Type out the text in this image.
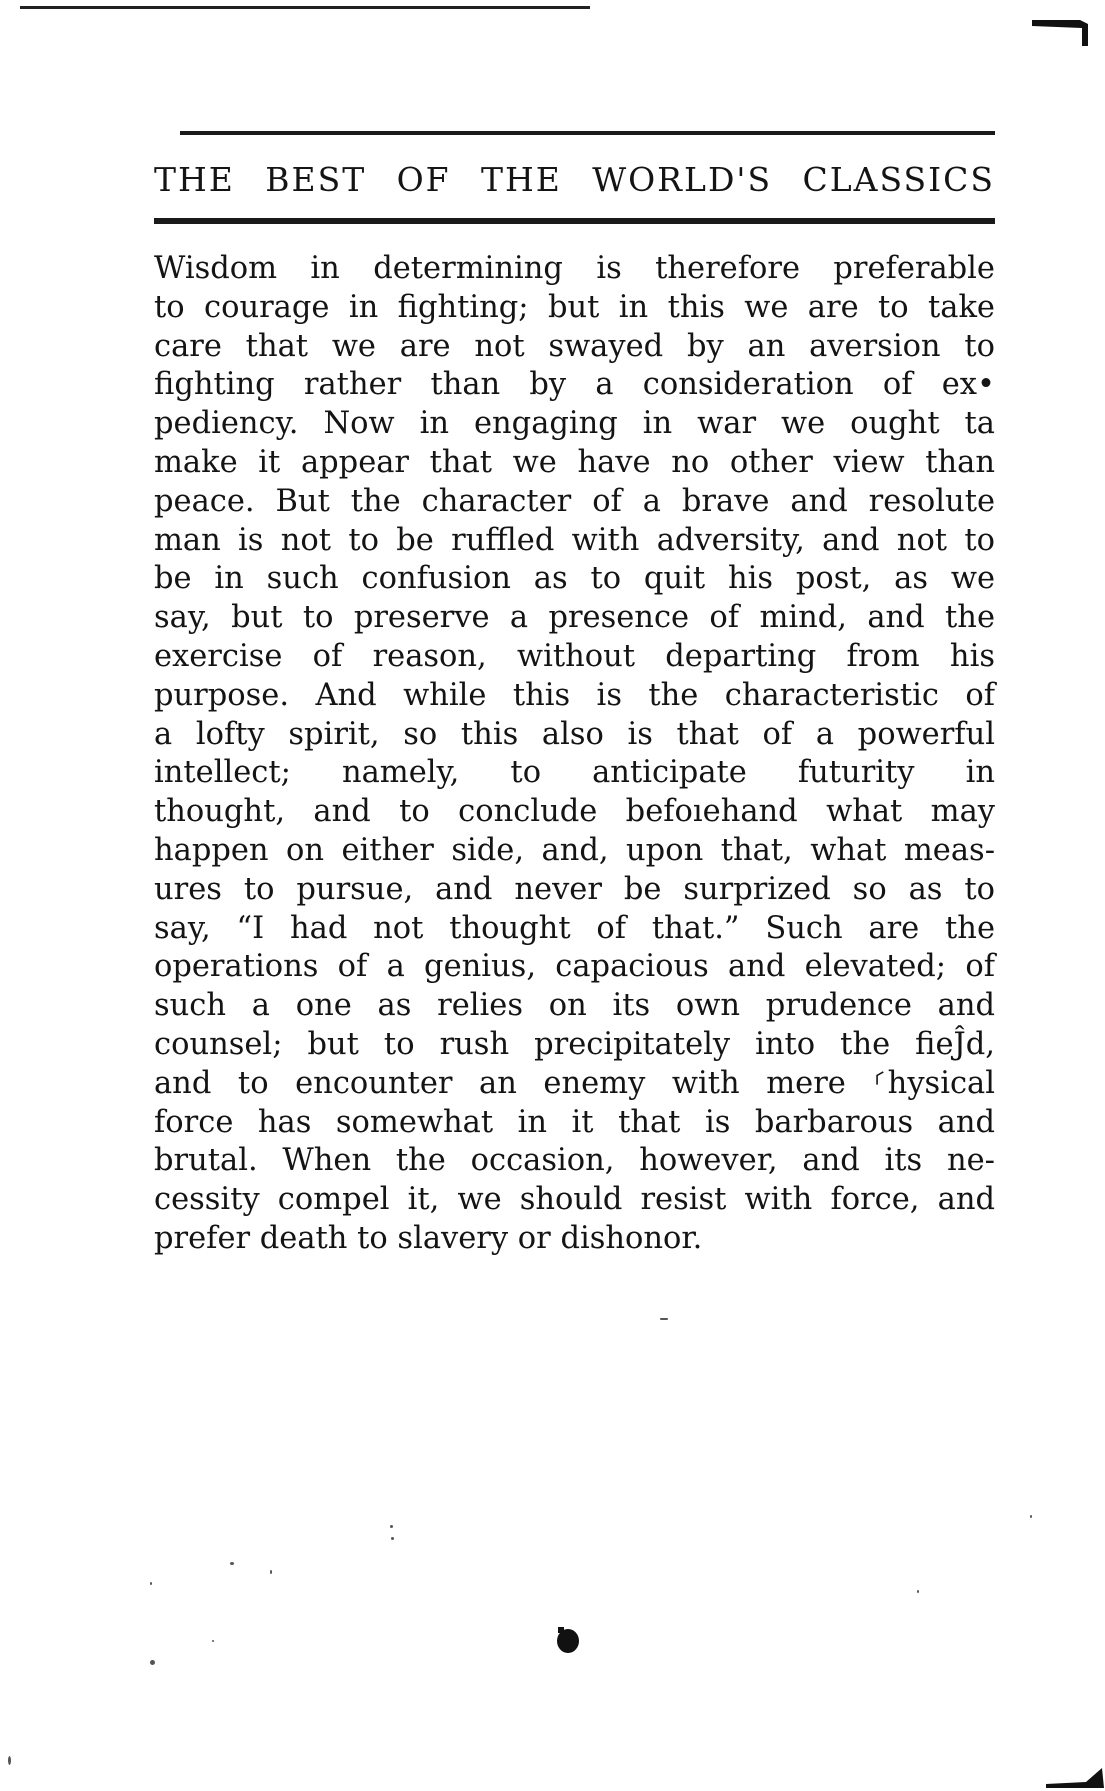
THE BEST OF THE WORLD'S CLASSICS
Wisdom in determining is therefore preferable
to courage in fighting; but in this we are to take
care that we are not swayed by an aversion to
fighting rather than by a consideration of ex•
pediency. Now in engaging in war we ought ta
make it appear that we have no other view than
peace. But the character of a brave and resolute
man is not to be ruffled with adversity, and not to
be in such confusion as to quit his post, as we
say, but to preserve a presence of mind, and the
exercise of reason, without departing from his
purpose. And while this is the characteristic of
a lofty spirit, so this also is that of a powerful
intellect; namely, to anticipate futurity in
thought, and to conclude befoıehand what may
happen on either side, and, upon that, what meas-
ures to pursue, and never be surprized so as to
say, “I had not thought of that.” Such are the
operations of a genius, capacious and elevated; of
such a one as relies on its own prudence and
counsel; but to rush precipitately into the fieĴd,
and to encounter an enemy with mere ⸂hysical
force has somewhat in it that is barbarous and
brutal. When the occasion, however, and its ne-
cessity compel it, we should resist with force, and
prefer death to slavery or dishonor.
